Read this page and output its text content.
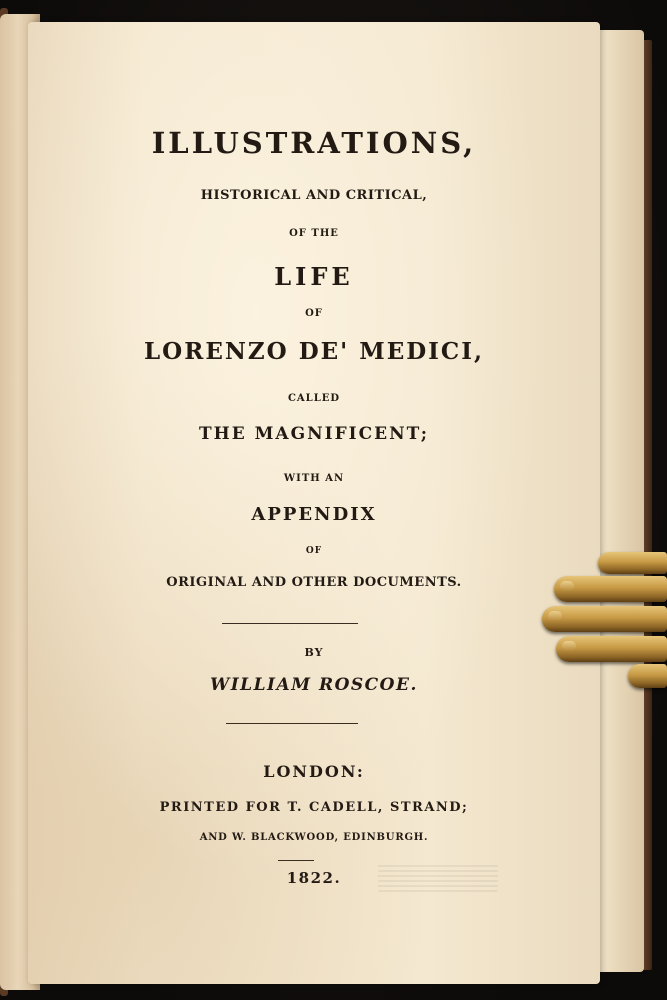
ILLUSTRATIONS,
HISTORICAL AND CRITICAL,
OF THE
LIFE
OF
LORENZO DE' MEDICI,
CALLED
THE MAGNIFICENT;
WITH AN
APPENDIX
OF
ORIGINAL AND OTHER DOCUMENTS.
BY
WILLIAM ROSCOE.
LONDON:
PRINTED FOR T. CADELL, STRAND;
AND W. BLACKWOOD, EDINBURGH.
1822.
